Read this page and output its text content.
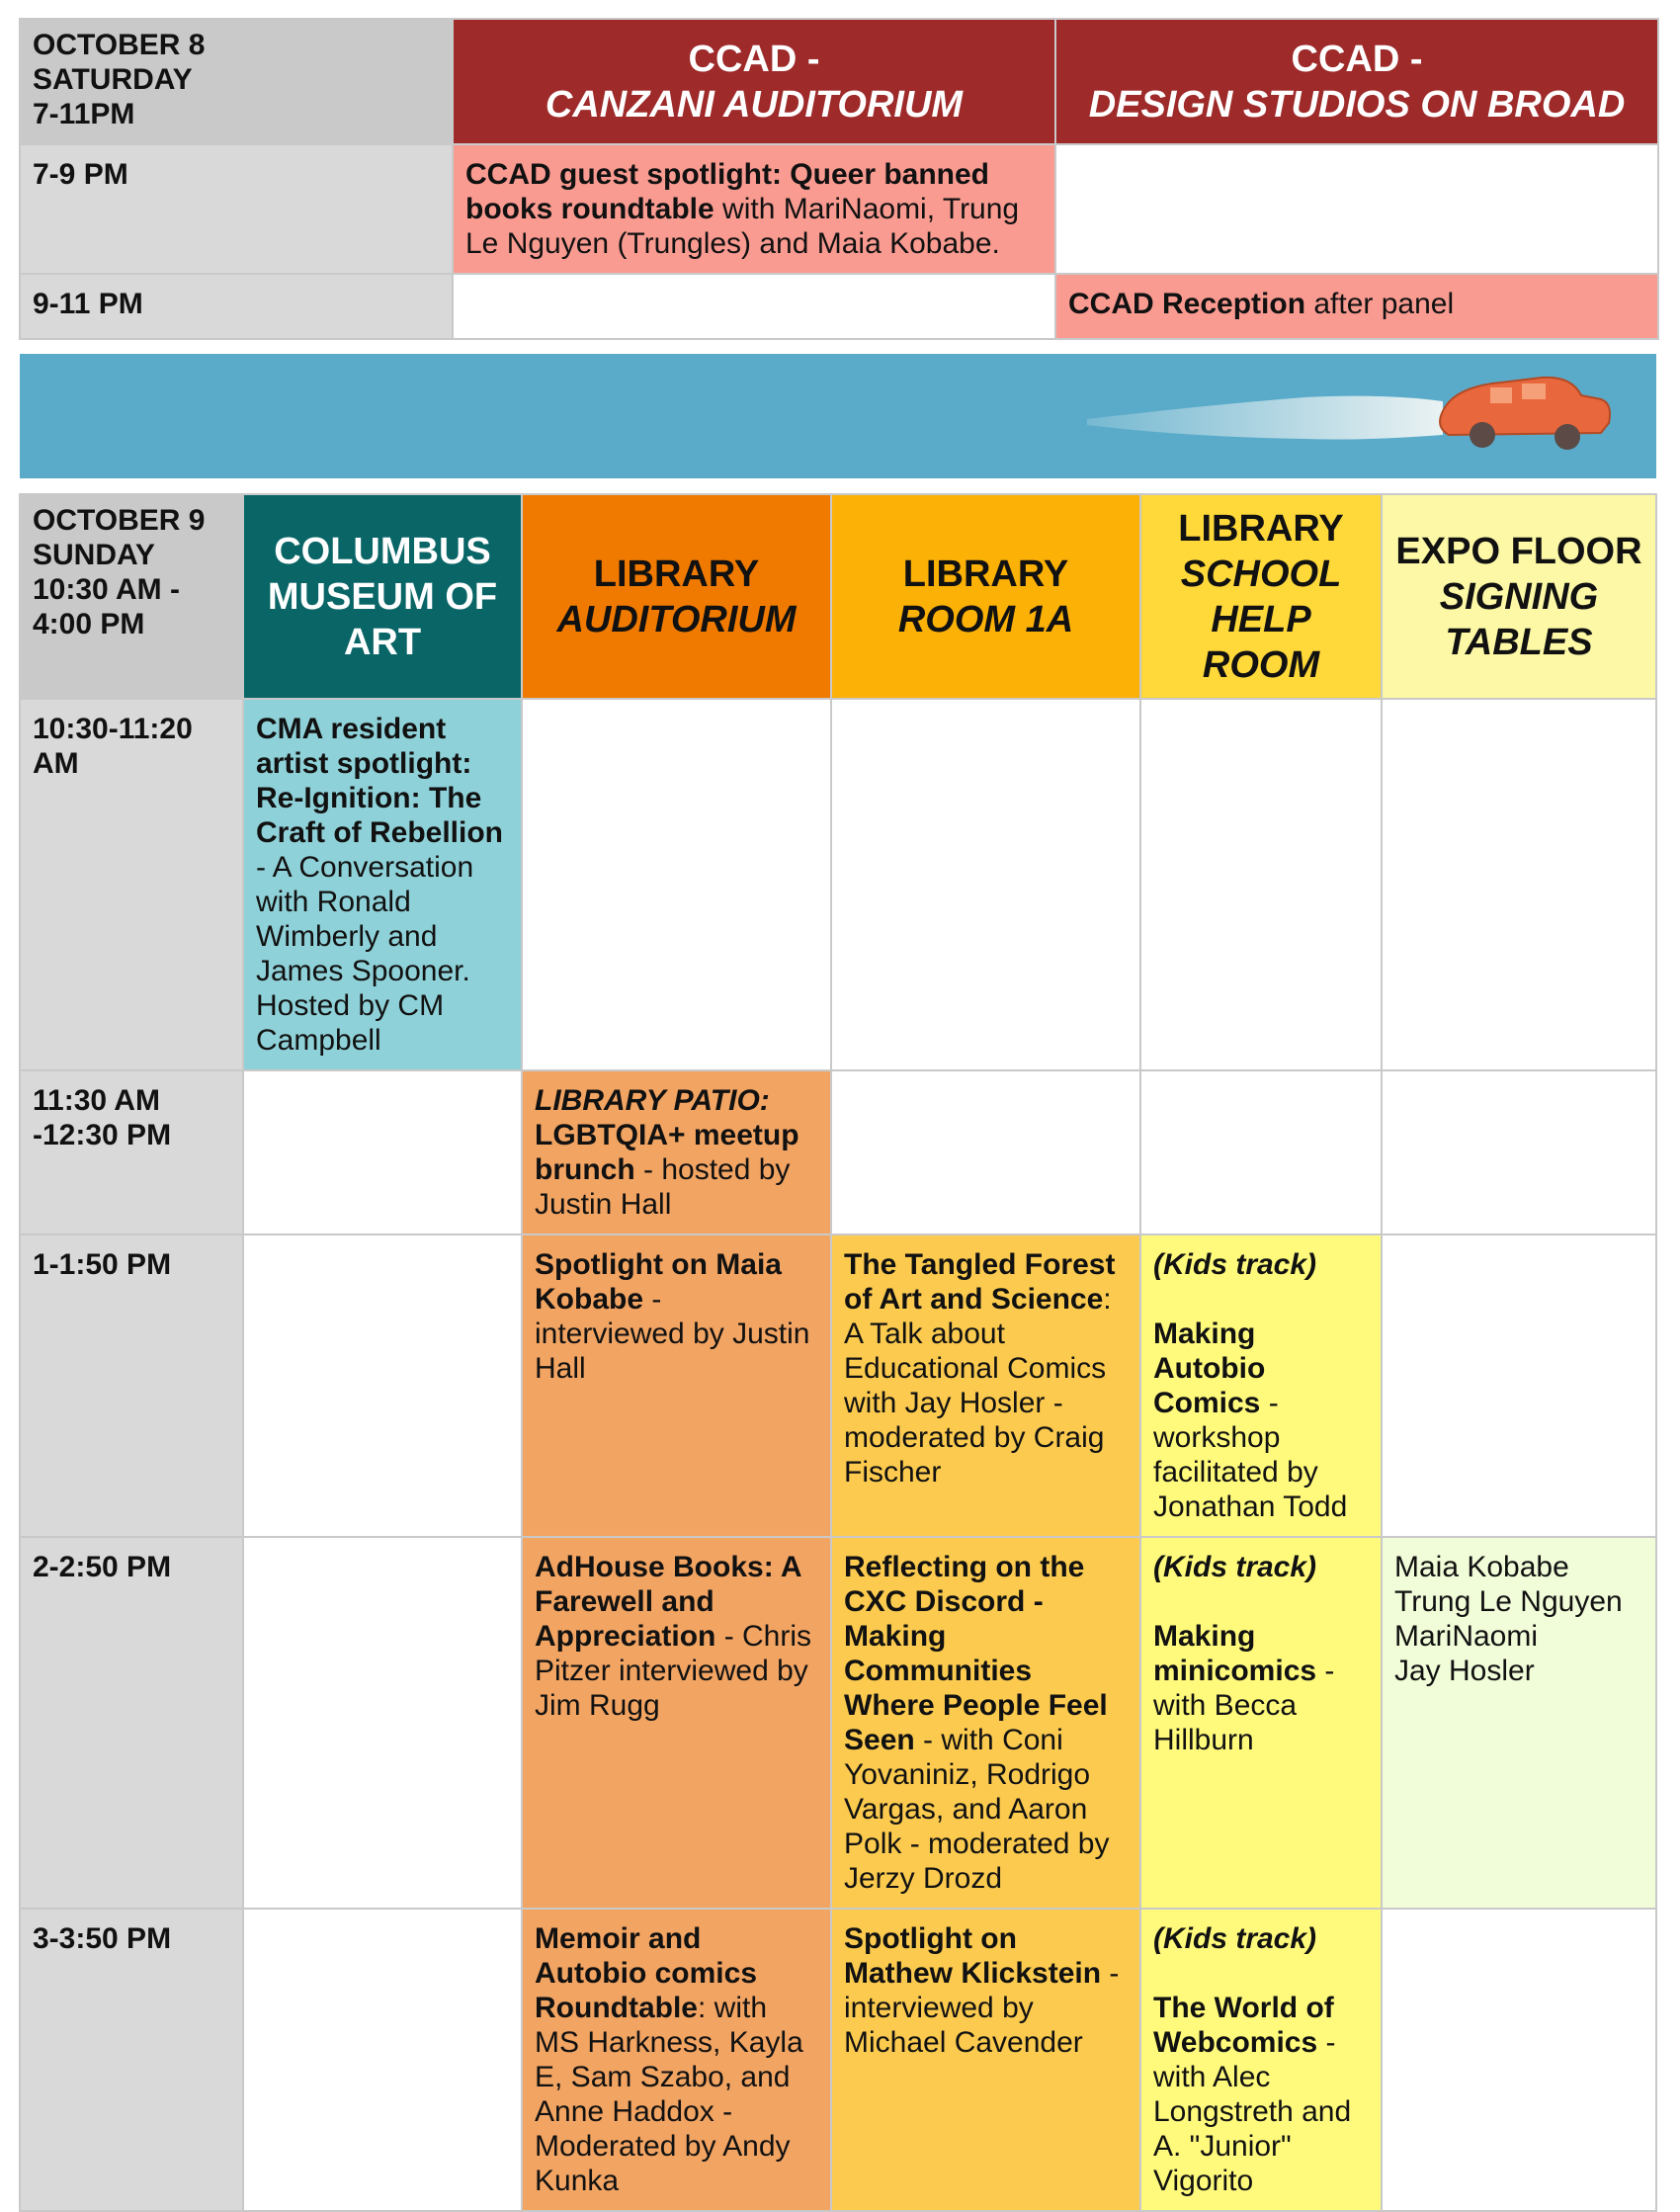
OCTOBER 8
SATURDAY
7-11PM	CCAD -
CANZANI AUDITORIUM	CCAD -
DESIGN STUDIOS ON BROAD

7-9 PM	CCAD guest spotlight: Queer banned books roundtable with MariNaomi, Trung Le Nguyen (Trungles) and Maia Kobabe.	
9-11 PM		CCAD Reception after panel
OCTOBER 9
SUNDAY
10:30 AM -
4:00 PM	COLUMBUS
MUSEUM OF
ART	LIBRARY
AUDITORIUM	LIBRARY
ROOM 1A	LIBRARY
SCHOOL
HELP
ROOM	EXPO FLOOR
SIGNING
TABLES

10:30-11:20 AM	CMA resident artist spotlight: Re-Ignition: The Craft of Rebellion - A Conversation with Ronald Wimberly and James Spooner. Hosted by CM Campbell				
11:30 AM -12:30 PM		LIBRARY PATIO:
LGBTQIA+ meetup brunch - hosted by Justin Hall			
1-1:50 PM		Spotlight on Maia Kobabe - interviewed by Justin Hall	The Tangled Forest of Art and Science: A Talk about Educational Comics with Jay Hosler - moderated by Craig Fischer	(Kids track)

Making Autobio Comics - workshop facilitated by Jonathan Todd	
2-2:50 PM		AdHouse Books: A Farewell and Appreciation - Chris Pitzer interviewed by Jim Rugg	Reflecting on the CXC Discord - Making Communities Where People Feel Seen - with Coni Yovaniniz, Rodrigo Vargas, and Aaron Polk - moderated by Jerzy Drozd	(Kids track)

Making minicomics - with Becca Hillburn	Maia Kobabe
Trung Le Nguyen
MariNaomi
Jay Hosler

3-3:50 PM		Memoir and Autobio comics Roundtable: with MS Harkness, Kayla E, Sam Szabo, and Anne Haddox - Moderated by Andy Kunka	Spotlight on Mathew Klickstein - interviewed by Michael Cavender	(Kids track)

The World of Webcomics - with Alec Longstreth and A. "Junior" Vigorito	
